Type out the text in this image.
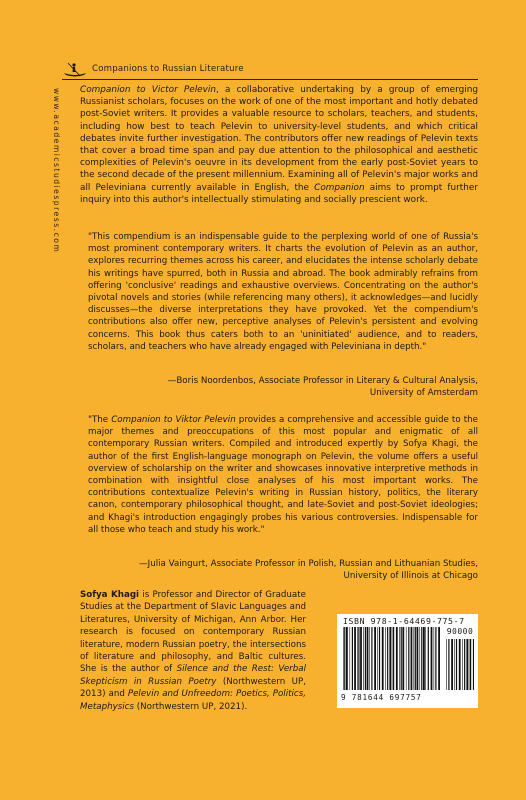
Companions to Russian Literature
www.academicstudiespress.com Companion to Victor Pelevin, a collaborative undertaking by a group of emerging Russianist scholars, focuses on the work of one of the most important and hotly debated post-Soviet writers. It provides a valuable resource to scholars, teachers, and students, including how best to teach Pelevin to university-level students, and which critical debates invite further investigation. The contributors offer new readings of Pelevin texts that cover a broad time span and pay due attention to the philosophical and aesthetic complexities of Pelevin's oeuvre in its development from the early post-Soviet years to the second decade of the present millennium. Examining all of Pelevin's major works and all Peleviniana currently available in English, the Companion aims to prompt further inquiry into this author's intellectually stimulating and socially prescient work.

"This compendium is an indispensable guide to the perplexing world of one of Russia's most prominent contemporary writers. It charts the evolution of Pelevin as an author, explores recurring themes across his career, and elucidates the intense scholarly debate his writings have spurred, both in Russia and abroad. The book admirably refrains from offering 'conclusive' readings and exhaustive overviews. Concentrating on the author's pivotal novels and stories (while referencing many others), it acknowledges—and lucidly discusses—the diverse interpretations they have provoked. Yet the compendium's contributions also offer new, perceptive analyses of Pelevin's persistent and evolving concerns. This book thus caters both to an 'uninitiated' audience, and to readers, scholars, and teachers who have already engaged with Peleviniana in depth."

—Boris Noordenbos, Associate Professor in Literary & Cultural Analysis, University of Amsterdam

"The Companion to Viktor Pelevin provides a comprehensive and accessible guide to the major themes and preoccupations of this most popular and enigmatic of all contemporary Russian writers. Compiled and introduced expertly by Sofya Khagi, the author of the first English-language monograph on Pelevin, the volume offers a useful overview of scholarship on the writer and showcases innovative interpretive methods in combination with insightful close analyses of his most important works. The contributions contextualize Pelevin's writing in Russian history, politics, the literary canon, contemporary philosophical thought, and late-Soviet and post-Soviet ideologies; and Khagi's introduction engagingly probes his various controversies. Indispensable for all those who teach and study his work."

—Julia Vaingurt, Associate Professor in Polish, Russian and Lithuanian Studies, University of Illinois at Chicago

Sofya Khagi is Professor and Director of Graduate Studies at the Department of Slavic Languages and Literatures, University of Michigan, Ann Arbor. Her research is focused on contemporary Russian literature, modern Russian poetry, the intersections of literature and philosophy, and Baltic cultures. She is the author of Silence and the Rest: Verbal Skepticism in Russian Poetry (Northwestern UP, 2013) and Pelevin and Unfreedom: Poetics, Politics, Metaphysics (Northwestern UP, 2021).

ISBN 978-1-64469-775-7
90000
9 781644 697757
